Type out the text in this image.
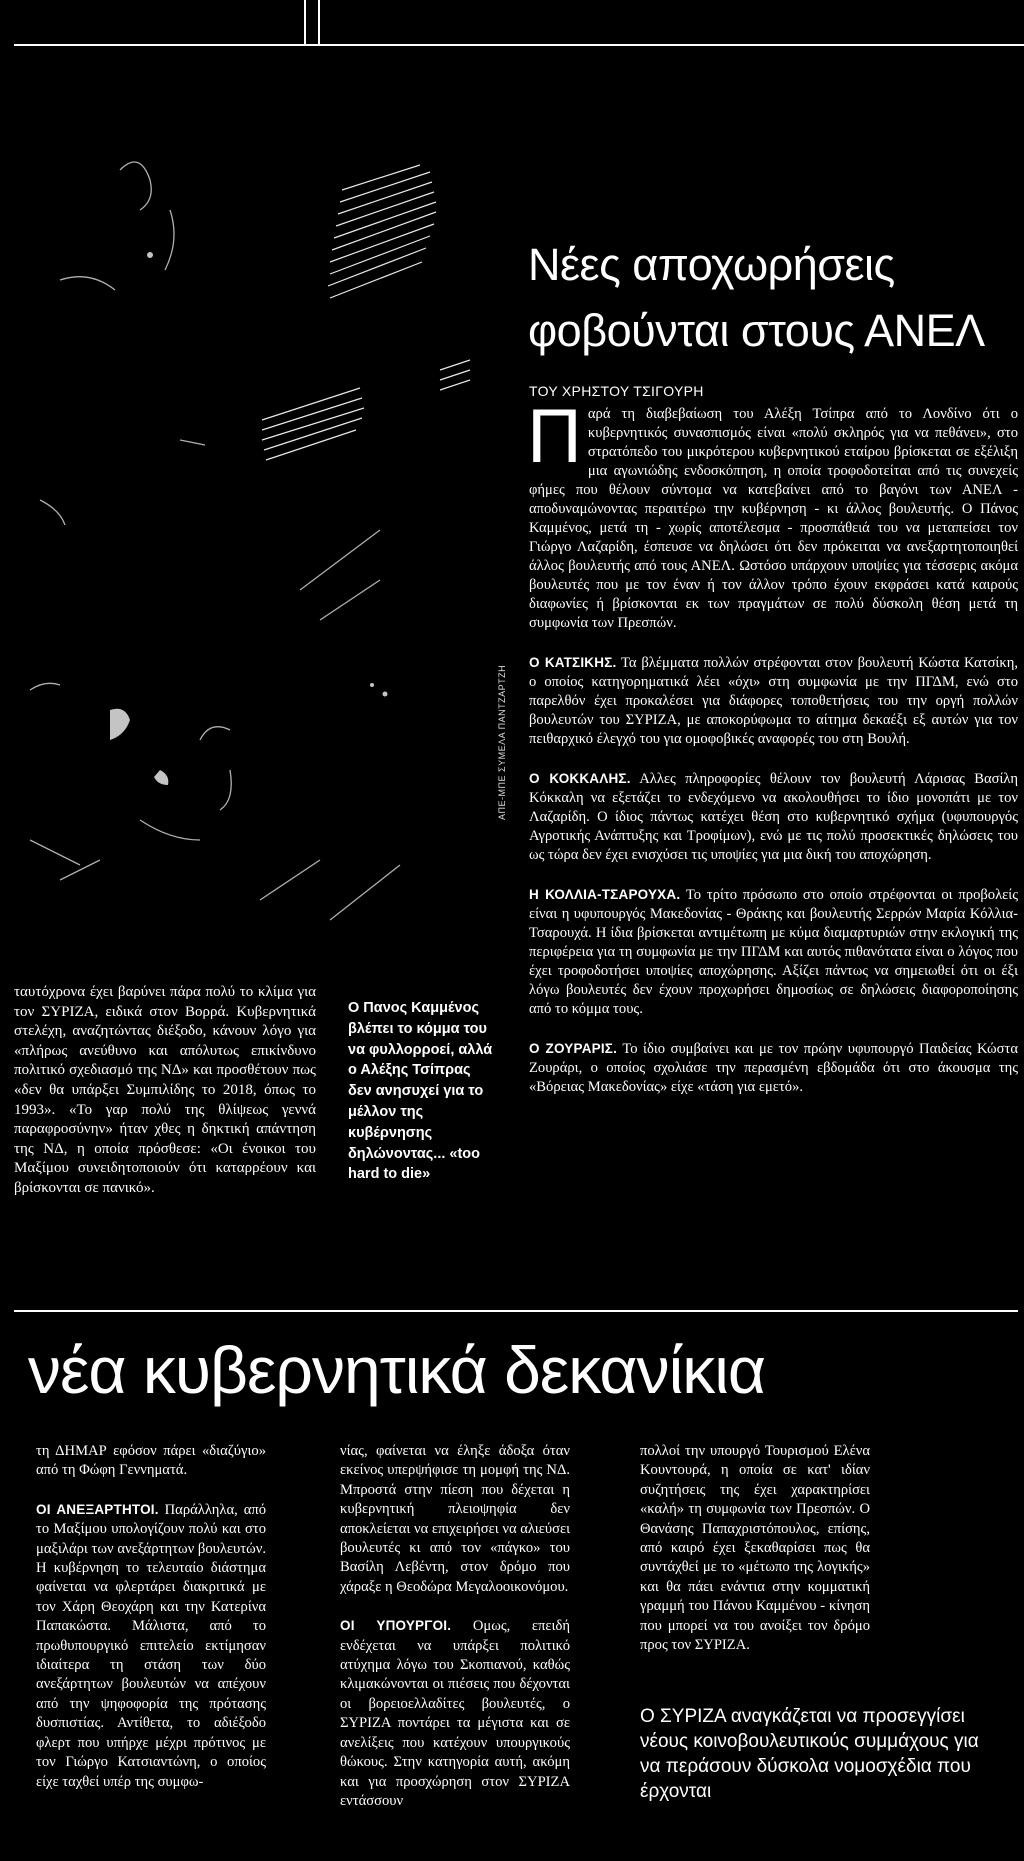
ΑΠΕ-ΜΠΕ ΣΥΜΕΛΑ ΠΑΝΤΖΑΡΤΖΗ
Νέες αποχωρήσεις φοβούνται στους ΑΝΕΛ
ΤΟΥ ΧΡΗΣΤΟΥ ΤΣΙΓΟΥΡΗ

Παρά τη διαβεβαίωση του Αλέξη Τσίπρα από το Λονδίνο ότι ο κυβερνητικός συνασπισμός είναι «πολύ σκληρός για να πεθάνει», στο στρατόπεδο του μικρότερου κυβερνητικού εταίρου βρίσκεται σε εξέλιξη μια αγωνιώδης ενδοσκόπηση, η οποία τροφοδοτείται από τις συνεχείς φήμες που θέλουν σύντομα να κατεβαίνει από το βαγόνι των ΑΝΕΛ - αποδυναμώνοντας περαιτέρω την κυβέρνηση - κι άλλος βουλευτής. Ο Πάνος Καμμένος, μετά τη - χωρίς αποτέλεσμα - προσπάθειά του να μεταπείσει τον Γιώργο Λαζαρίδη, έσπευσε να δηλώσει ότι δεν πρόκειται να ανεξαρτητοποιηθεί άλλος βουλευτής από τους ΑΝΕΛ. Ωστόσο υπάρχουν υποψίες για τέσσερις ακόμα βουλευτές που με τον έναν ή τον άλλον τρόπο έχουν εκφράσει κατά καιρούς διαφωνίες ή βρίσκονται εκ των πραγμάτων σε πολύ δύσκολη θέση μετά τη συμφωνία των Πρεσπών.

Ο ΚΑΤΣΙΚΗΣ. Τα βλέμματα πολλών στρέφονται στον βουλευτή Κώστα Κατσίκη, ο οποίος κατηγορηματικά λέει «όχι» στη συμφωνία με την ΠΓΔΜ, ενώ στο παρελθόν έχει προκαλέσει για διάφορες τοποθετήσεις του την οργή πολλών βουλευτών του ΣΥΡΙΖΑ, με αποκορύφωμα το αίτημα δεκαέξι εξ αυτών για τον πειθαρχικό έλεγχό του για ομοφοβικές αναφορές του στη Βουλή.

Ο ΚΟΚΚΑΛΗΣ. Αλλες πληροφορίες θέλουν τον βουλευτή Λάρισας Βασίλη Κόκκαλη να εξετάζει το ενδεχόμενο να ακολουθήσει το ίδιο μονοπάτι με τον Λαζαρίδη. Ο ίδιος πάντως κατέχει θέση στο κυβερνητικό σχήμα (υφυπουργός Αγροτικής Ανάπτυξης και Τροφίμων), ενώ με τις πολύ προσεκτικές δηλώσεις του ως τώρα δεν έχει ενισχύσει τις υποψίες για μια δική του αποχώρηση.

Η ΚΟΛΛΙΑ-ΤΣΑΡΟΥΧΑ. Το τρίτο πρόσωπο στο οποίο στρέφονται οι προβολείς είναι η υφυπουργός Μακεδονίας - Θράκης και βουλευτής Σερρών Μαρία Κόλλια-Τσαρουχά. Η ίδια βρίσκεται αντιμέτωπη με κύμα διαμαρτυριών στην εκλογική της περιφέρεια για τη συμφωνία με την ΠΓΔΜ και αυτός πιθανότατα είναι ο λόγος που έχει τροφοδοτήσει υποψίες αποχώρησης. Αξίζει πάντως να σημειωθεί ότι οι έξι λόγω βουλευτές δεν έχουν προχωρήσει δημοσίως σε δηλώσεις διαφοροποίησης από το κόμμα τους.

Ο ΖΟΥΡΑΡΙΣ. Το ίδιο συμβαίνει και με τον πρώην υφυπουργό Παιδείας Κώστα Ζουράρι, ο οποίος σχολιάσε την περασμένη εβδομάδα ότι στο άκουσμα της «Βόρειας Μακεδονίας» είχε «τάση για εμετό».

ταυτόχρονα έχει βαρύνει πάρα πολύ το κλίμα για τον ΣΥΡΙΖΑ, ειδικά στον Βορρά. Κυβερνητικά στελέχη, αναζητώντας διέξοδο, κάνουν λόγο για «πλήρως ανεύθυνο και απόλυτως επικίνδυνο πολιτικό σχεδιασμό της ΝΔ» και προσθέτουν πως «δεν θα υπάρξει Συμπιλίδης το 2018, όπως το 1993». «Το γαρ πολύ της θλίψεως γεννά παραφροσύνην» ήταν χθες η δηκτική απάντηση της ΝΔ, η οποία πρόσθεσε: «Οι ένοικοι του Μαξίμου συνειδητοποιούν ότι καταρρέουν και βρίσκονται σε πανικό».
Ο Πανος Καμμένος βλέπει το κόμμα του να φυλλορροεί, αλλά ο Αλέξης Τσίπρας δεν ανησυχεί για το μέλλον της κυβέρνησης δηλώνοντας... «too hard to die»
νέα κυβερνητικά δεκανίκια

τη ΔΗΜΑΡ εφόσον πάρει «διαζύγιο» από τη Φώφη Γεννηματά.

ΟΙ ΑΝΕΞΑΡΤΗΤΟΙ. Παράλληλα, από το Μαξίμου υπολογίζουν πολύ και στο μαξιλάρι των ανεξάρτητων βουλευτών. Η κυβέρνηση το τελευταίο διάστημα φαίνεται να φλερτάρει διακριτικά με τον Χάρη Θεοχάρη και την Κατερίνα Παπακώστα. Μάλιστα, από το πρωθυπουργικό επιτελείο εκτίμησαν ιδιαίτερα τη στάση των δύο ανεξάρτητων βουλευτών να απέχουν από την ψηφοφορία της πρότασης δυσπιστίας. Αντίθετα, το αδιέξοδο φλερτ που υπήρχε μέχρι πρότινος με τον Γιώργο Κατσιαντώνη, ο οποίος είχε ταχθεί υπέρ της συμφω-

νίας, φαίνεται να έληξε άδοξα όταν εκείνος υπερψήφισε τη μομφή της ΝΔ. Μπροστά στην πίεση που δέχεται η κυβερνητική πλειοψηφία δεν αποκλείεται να επιχειρήσει να αλιεύσει βουλευτές κι από τον «πάγκο» του Βασίλη Λεβέντη, στον δρόμο που χάραξε η Θεοδώρα Μεγαλοοικονόμου.

ΟΙ ΥΠΟΥΡΓΟΙ. Ομως, επειδή ενδέχεται να υπάρξει πολιτικό ατύχημα λόγω του Σκοπιανού, καθώς κλιμακώνονται οι πιέσεις που δέχονται οι βορειοελλαδίτες βουλευτές, ο ΣΥΡΙΖΑ ποντάρει τα μέγιστα και σε ανελίξεις που κατέχουν υπουργικούς θώκους. Στην κατηγορία αυτή, ακόμη και για προσχώρηση στον ΣΥΡΙΖΑ εντάσσουν

πολλοί την υπουργό Τουρισμού Ελένα Κουντουρά, η οποία σε κατ' ιδίαν συζητήσεις της έχει χαρακτηρίσει «καλή» τη συμφωνία των Πρεσπών. Ο Θανάσης Παπαχριστόπουλος, επίσης, από καιρό έχει ξεκαθαρίσει πως θα συντάχθεί με το «μέτωπο της λογικής» και θα πάει ενάντια στην κομματική γραμμή του Πάνου Καμμένου - κίνηση που μπορεί να του ανοίξει τον δρόμο προς τον ΣΥΡΙΖΑ.

Ο ΣΥΡΙΖΑ αναγκάζεται να προσεγγίσει νέους κοινοβουλευτικούς συμμάχους για να περάσουν δύσκολα νομοσχέδια που έρχονται
